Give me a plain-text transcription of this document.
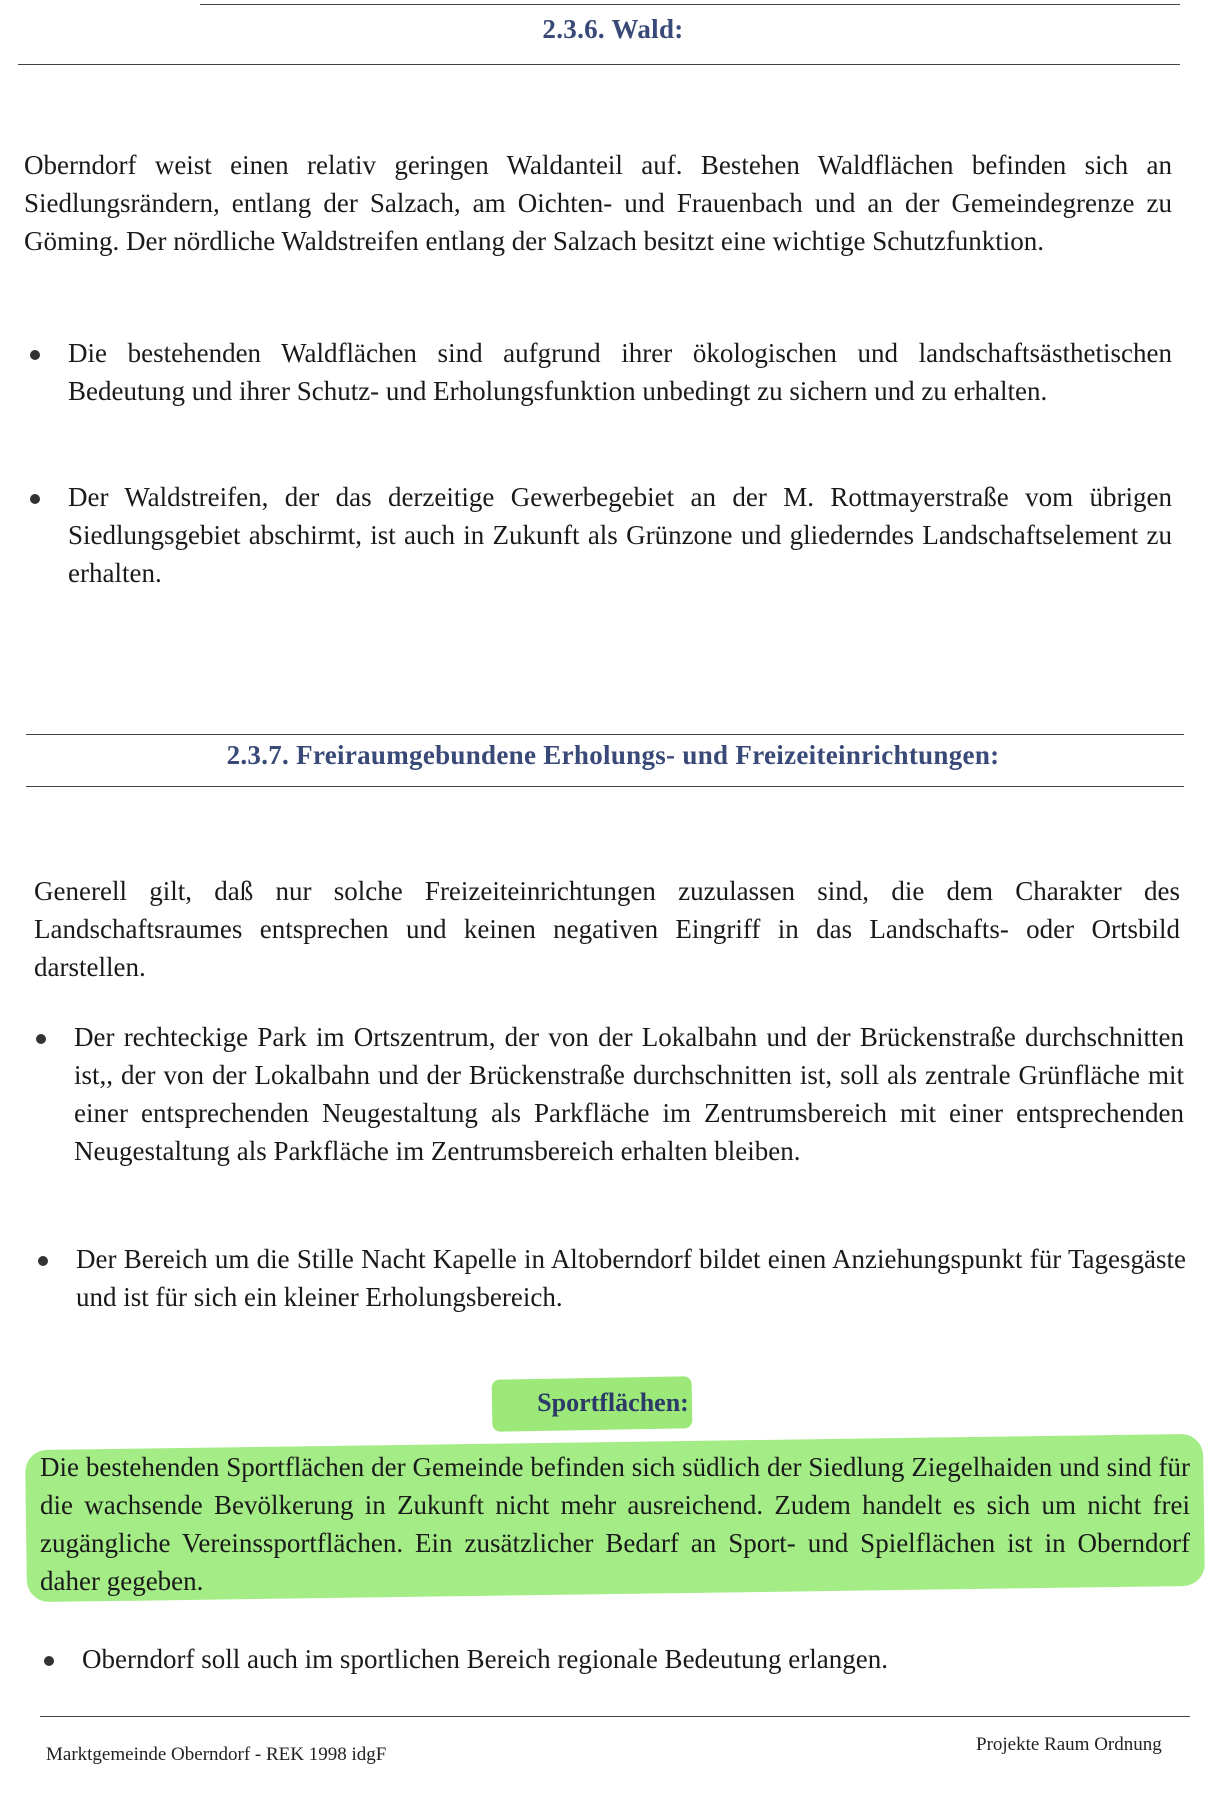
2.3.6. Wald:

Oberndorf weist einen relativ geringen Waldanteil auf. Bestehen Waldflächen befinden sich an Siedlungsrändern, entlang der Salzach, am Oichten- und Frauenbach und an der Gemeindegrenze zu Göming. Der nördliche Waldstreifen entlang der Salzach besitzt eine wichtige Schutzfunktion.

Die bestehenden Waldflächen sind aufgrund ihrer ökologischen und landschaftsästhetischen Bedeutung und ihrer Schutz- und Erholungsfunktion unbedingt zu sichern und zu erhalten.
Der Waldstreifen, der das derzeitige Gewerbegebiet an der M. Rottmayerstraße vom übrigen Siedlungsgebiet abschirmt, ist auch in Zukunft als Grünzone und gliederndes Landschaftselement zu erhalten.
2.3.7. Freiraumgebundene Erholungs- und Freizeiteinrichtungen:

Generell gilt, daß nur solche Freizeiteinrichtungen zuzulassen sind, die dem Charakter des Landschaftsraumes entsprechen und keinen negativen Eingriff in das Landschafts- oder Ortsbild darstellen.

Der rechteckige Park im Ortszentrum, der von der Lokalbahn und der Brückenstraße durchschnitten ist,, der von der Lokalbahn und der Brückenstraße durchschnitten ist, soll als zentrale Grünfläche mit einer entsprechenden Neugestaltung als Parkfläche im Zentrumsbereich mit einer entsprechenden Neugestaltung als Parkfläche im Zentrumsbereich erhalten bleiben.
Der Bereich um die Stille Nacht Kapelle in Altoberndorf bildet einen Anziehungspunkt für Tagesgäste und ist für sich ein kleiner Erholungsbereich.
Sportflächen:

Die bestehenden Sportflächen der Gemeinde befinden sich südlich der Siedlung Ziegelhaiden und sind für die wachsende Bevölkerung in Zukunft nicht mehr ausreichend. Zudem handelt es sich um nicht frei zugängliche Vereinssportflächen. Ein zusätzlicher Bedarf an Sport- und Spielflächen ist in Oberndorf daher gegeben.

Oberndorf soll auch im sportlichen Bereich regionale Bedeutung erlangen.
Marktgemeinde Oberndorf - REK 1998 idgF	Projekte Raum Ordnung
